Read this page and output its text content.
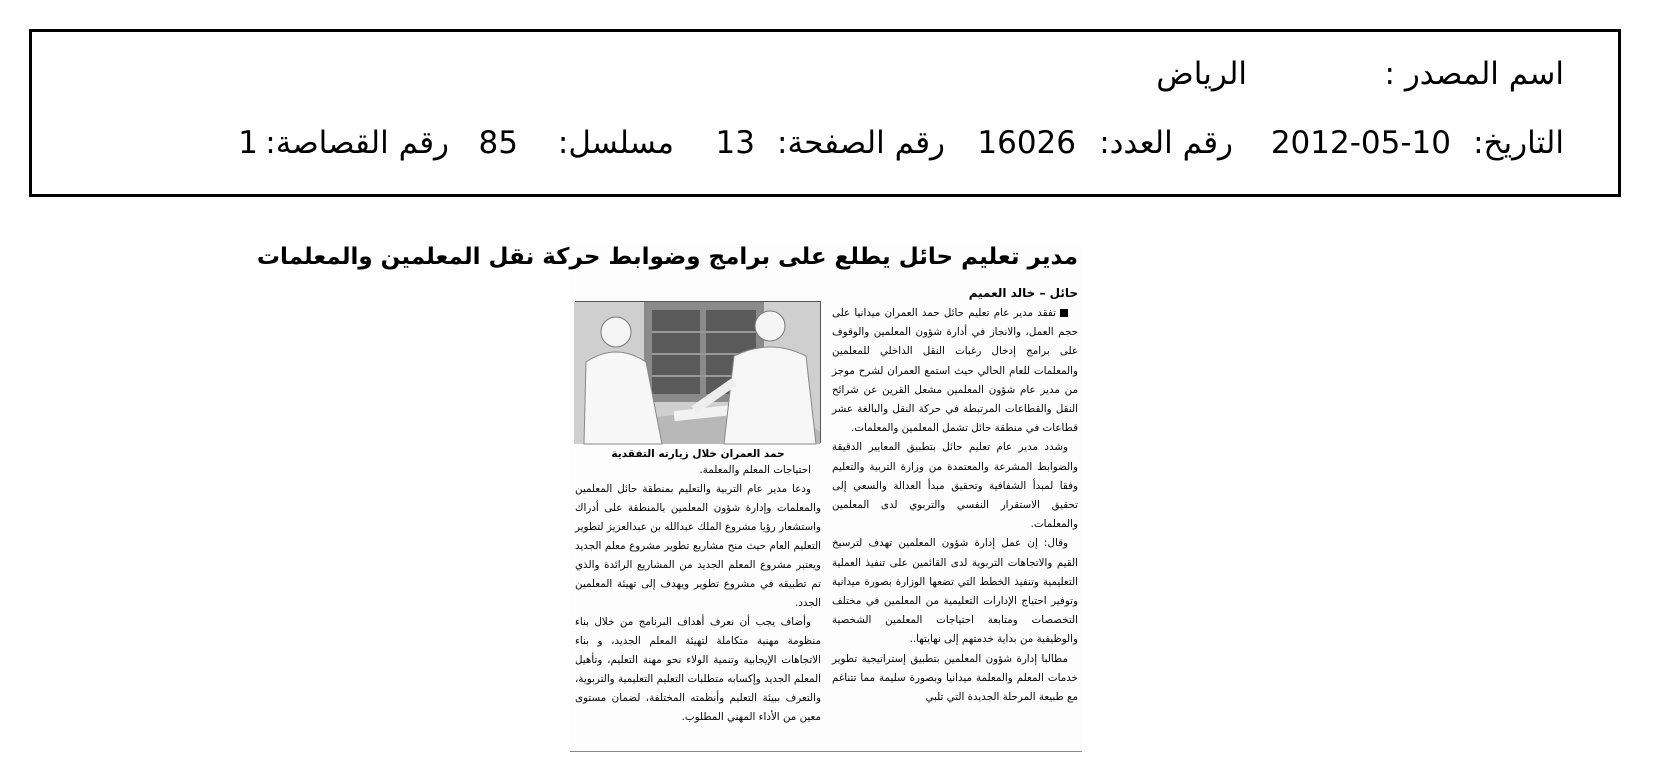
اسم المصدر :
الرياض
التاريخ:
2012-05-10
رقم العدد:
16026
رقم الصفحة:
13
مسلسل:
85
رقم القصاصة:
1
مدير تعليم حائل يطلع على برامج وضوابط حركة نقل المعلمين والمعلمات
حائل – خالد العميم

تفقد مدير عام تعليم حائل حمد العمران ميدانيا على حجم العمل، والانجاز في أدارة شؤون المعلمين والوقوف على برامج إدخال رغبات النقل الداخلي للمعلمين والمعلمات للعام الحالي حيث استمع العمران لشرح موجز من مدير عام شؤون المعلمين مشعل القرين عن شرائح النقل والقطاعات المرتبطة في حركة النقل والبالغة عشر قطاعات في منطقة حائل تشمل المعلمين والمعلمات.

وشدد مدير عام تعليم حائل بتطبيق المعايير الدقيقة والضوابط المشرعة والمعتمدة من وزارة التربية والتعليم وفقا لمبدأ الشفافية وتحقيق مبدأ العدالة والسعي إلى تحقيق الاستقرار النفسي والتربوي لدى المعلمين والمعلمات.

وقال: إن عمل إدارة شؤون المعلمين تهدف لترسيخ القيم والاتجاهات التربوية لدى القائمين على تنفيذ العملية التعليمية وتنفيذ الخطط التي تضعها الوزارة بصورة ميدانية وتوفير احتياج الإدارات التعليمية من المعلمين في مختلف التخصصات ومتابعة احتياجات المعلمين الشخصية والوظيفية من بداية خدمتهم إلى نهايتها..

مطالبا إدارة شؤون المعلمين بتطبيق إستراتيجية تطوير خدمات المعلم والمعلمة ميدانيا وبصورة سليمة مما تتناغم مع طبيعة المرحلة الجديدة التي تلبي

حمد العمران خلال زيارته التفقدية

احتياجات المعلم والمعلمة.

ودعا مدير عام التربية والتعليم بمنطقة حائل المعلمين والمعلمات وإدارة شؤون المعلمين بالمنطقة على أدراك واستشعار رؤيا مشروع الملك عبدالله بن عبدالعزيز لتطوير التعليم العام حيث منح مشاريع تطوير مشروع معلم الجديد ويعتبر مشروع المعلم الجديد من المشاريع الرائدة والذي تم تطبيقه في مشروع تطوير ويهدف إلى تهيئة المعلمين الجدد.

وأضاف يجب أن نعرف أهداف البرنامج من خلال بناء منظومة مهنية متكاملة لتهيئة المعلم الجديد، و بناء الاتجاهات الإيجابية وتنمية الولاء نحو مهنة التعليم، وتأهيل المعلم الجديد وإكسابه متطلبات التعليم التعليمية والتربوية، والتعرف ببيئة التعليم وأنظمته المختلفة، لضمان مستوى معين من الأداء المهني المطلوب.
